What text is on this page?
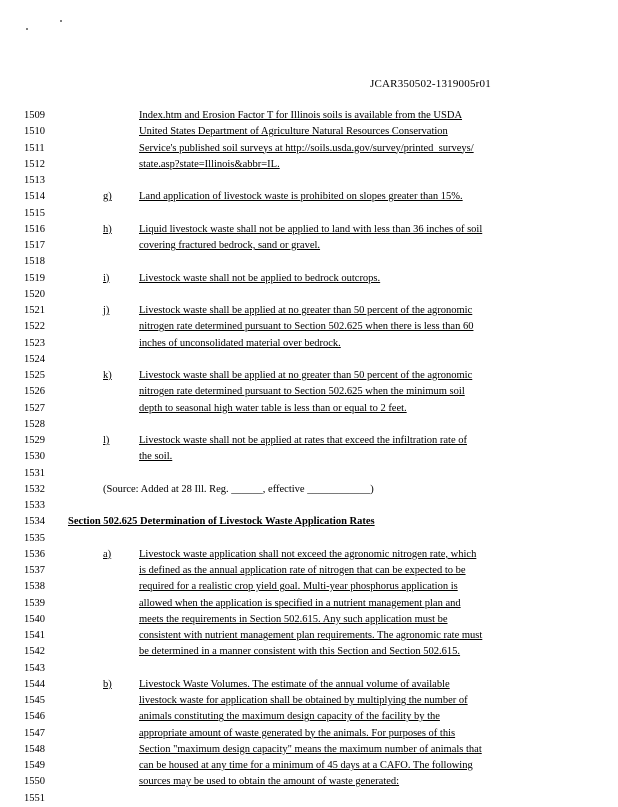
JCAR350502-1319005r01
1509	Index.htm and Erosion Factor T for Illinois soils is available from the USDA
1510	United States Department of Agriculture Natural Resources Conservation
1511	Service's published soil surveys at http://soils.usda.gov/survey/printed_surveys/
1512	state.asp?state=Illinois&abbr=IL.
1513
1514	g)	Land application of livestock waste is prohibited on slopes greater than 15%.
1515
1516	h)	Liquid livestock waste shall not be applied to land with less than 36 inches of soil
1517	covering fractured bedrock, sand or gravel.
1518
1519	i)	Livestock waste shall not be applied to bedrock outcrops.
1520
1521	j)	Livestock waste shall be applied at no greater than 50 percent of the agronomic
1522	nitrogen rate determined pursuant to Section 502.625 when there is less than 60
1523	inches of unconsolidated material over bedrock.
1524
1525	k)	Livestock waste shall be applied at no greater than 50 percent of the agronomic
1526	nitrogen rate determined pursuant to Section 502.625 when the minimum soil
1527	depth to seasonal high water table is less than or equal to 2 feet.
1528
1529	l)	Livestock waste shall not be applied at rates that exceed the infiltration rate of
1530	the soil.
1531
1532	(Source: Added at 28 Ill. Reg. ______, effective ____________)
1533
1534	Section 502.625 Determination of Livestock Waste Application Rates
1535
1536	a)	Livestock waste application shall not exceed the agronomic nitrogen rate, which
1537	is defined as the annual application rate of nitrogen that can be expected to be
1538	required for a realistic crop yield goal. Multi-year phosphorus application is
1539	allowed when the application is specified in a nutrient management plan and
1540	meets the requirements in Section 502.615. Any such application must be
1541	consistent with nutrient management plan requirements. The agronomic rate must
1542	be determined in a manner consistent with this Section and Section 502.615.
1543
1544	b)	Livestock Waste Volumes. The estimate of the annual volume of available
1545	livestock waste for application shall be obtained by multiplying the number of
1546	animals constituting the maximum design capacity of the facility by the
1547	appropriate amount of waste generated by the animals. For purposes of this
1548	Section "maximum design capacity" means the maximum number of animals that
1549	can be housed at any time for a minimum of 45 days at a CAFO. The following
1550	sources may be used to obtain the amount of waste generated:
1551
